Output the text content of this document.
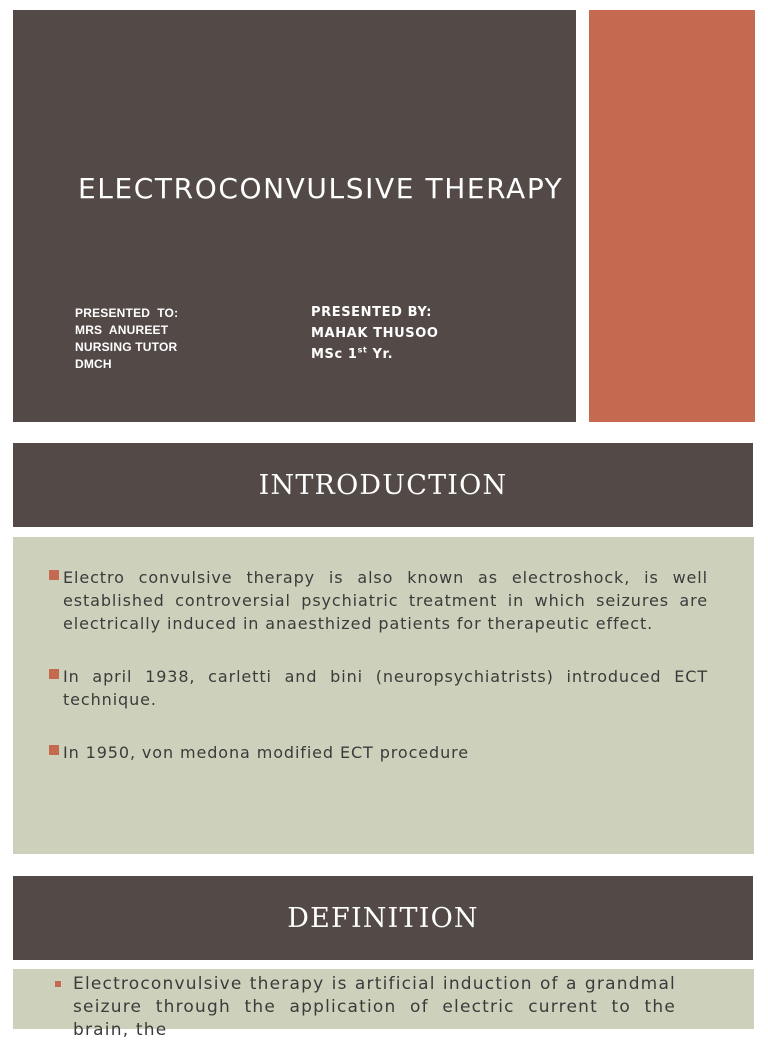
ELECTROCONVULSIVE THERAPY
PRESENTED  TO:
MRS  ANUREET
NURSING TUTOR
DMCH
PRESENTED BY:
MAHAK THUSOO
MSc 1st Yr.
INTRODUCTION
Electro convulsive therapy is also known as electroshock, is well established controversial psychiatric treatment in which seizures are electrically induced in anaesthized patients for therapeutic effect.
In april 1938, carletti and bini (neuropsychiatrists) introduced ECT technique.
In 1950, von medona modified ECT procedure
DEFINITION
Electroconvulsive therapy is artificial induction of a grandmal seizure through the application of electric current to the brain, the
